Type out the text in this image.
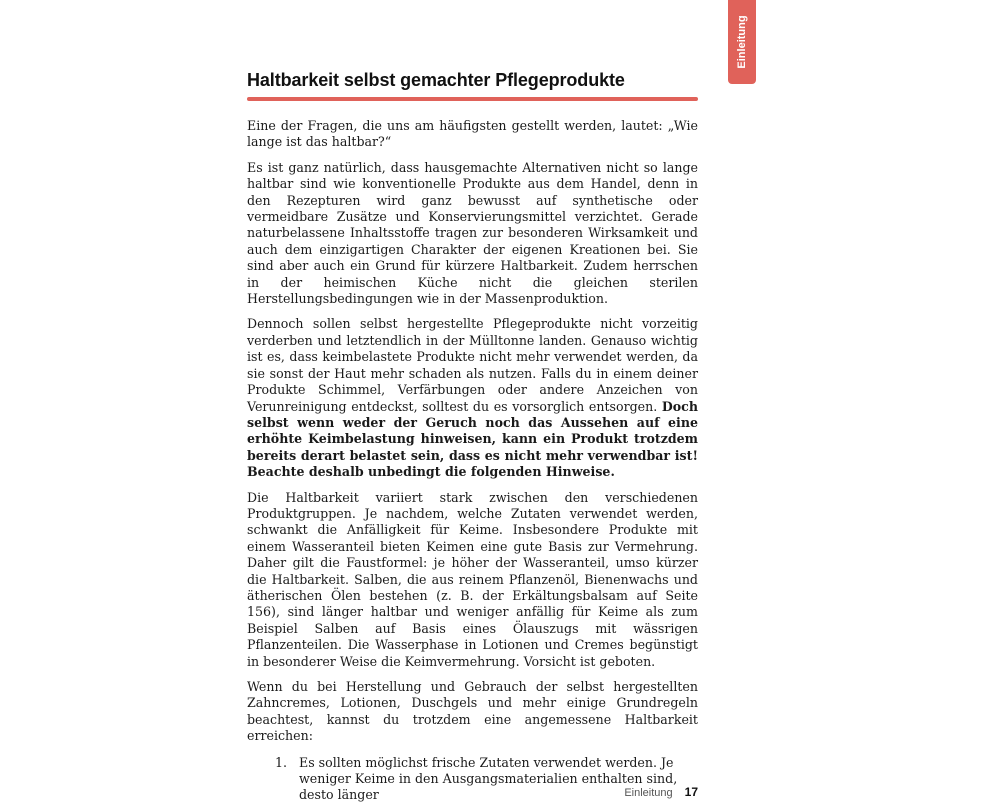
Einleitung
Haltbarkeit selbst gemachter Pflegeprodukte

Eine der Fragen, die uns am häufigsten gestellt werden, lautet: „Wie lange ist das haltbar?“

Es ist ganz natürlich, dass hausgemachte Alternativen nicht so lange haltbar sind wie konventionelle Produkte aus dem Handel, denn in den Rezepturen wird ganz bewusst auf synthetische oder vermeidbare Zusätze und Konservierungsmittel verzichtet. Gerade naturbelassene Inhaltsstoffe tragen zur besonderen Wirksamkeit und auch dem einzigartigen Charakter der eigenen Kreationen bei. Sie sind aber auch ein Grund für kürzere Haltbarkeit. Zudem herrschen in der heimischen Küche nicht die gleichen sterilen Herstellungsbedingungen wie in der Massenproduktion.

Dennoch sollen selbst hergestellte Pflegeprodukte nicht vorzeitig verderben und letztendlich in der Mülltonne landen. Genauso wichtig ist es, dass keimbelastete Produkte nicht mehr verwendet werden, da sie sonst der Haut mehr schaden als nutzen. Falls du in einem deiner Produkte Schimmel, Verfärbungen oder andere Anzeichen von Verunreinigung entdeckst, solltest du es vorsorglich entsorgen. Doch selbst wenn weder der Geruch noch das Aussehen auf eine erhöhte Keimbelastung hinweisen, kann ein Produkt trotzdem bereits derart belastet sein, dass es nicht mehr verwendbar ist! Beachte deshalb unbedingt die folgenden Hinweise.

Die Haltbarkeit variiert stark zwischen den verschiedenen Produktgruppen. Je nachdem, welche Zutaten verwendet werden, schwankt die Anfälligkeit für Keime. Insbesondere Produkte mit einem Wasseranteil bieten Keimen eine gute Basis zur Vermehrung. Daher gilt die Faustformel: je höher der Wasseranteil, umso kürzer die Haltbarkeit. Salben, die aus reinem Pflanzenöl, Bienenwachs und ätherischen Ölen bestehen (z. B. der Erkältungsbalsam auf Seite 156), sind länger haltbar und weniger anfällig für Keime als zum Beispiel Salben auf Basis eines Ölauszugs mit wässrigen Pflanzenteilen. Die Wasserphase in Lotionen und Cremes begünstigt in besonderer Weise die Keimvermehrung. Vorsicht ist geboten.

Wenn du bei Herstellung und Gebrauch der selbst hergestellten Zahncremes, Lotionen, Duschgels und mehr einige Grundregeln beachtest, kannst du trotzdem eine angemessene Haltbarkeit erreichen:

1. Es sollten möglichst frische Zutaten verwendet werden. Je weniger Keime in den Ausgangsmaterialien enthalten sind, desto länger	Einleitung 17
